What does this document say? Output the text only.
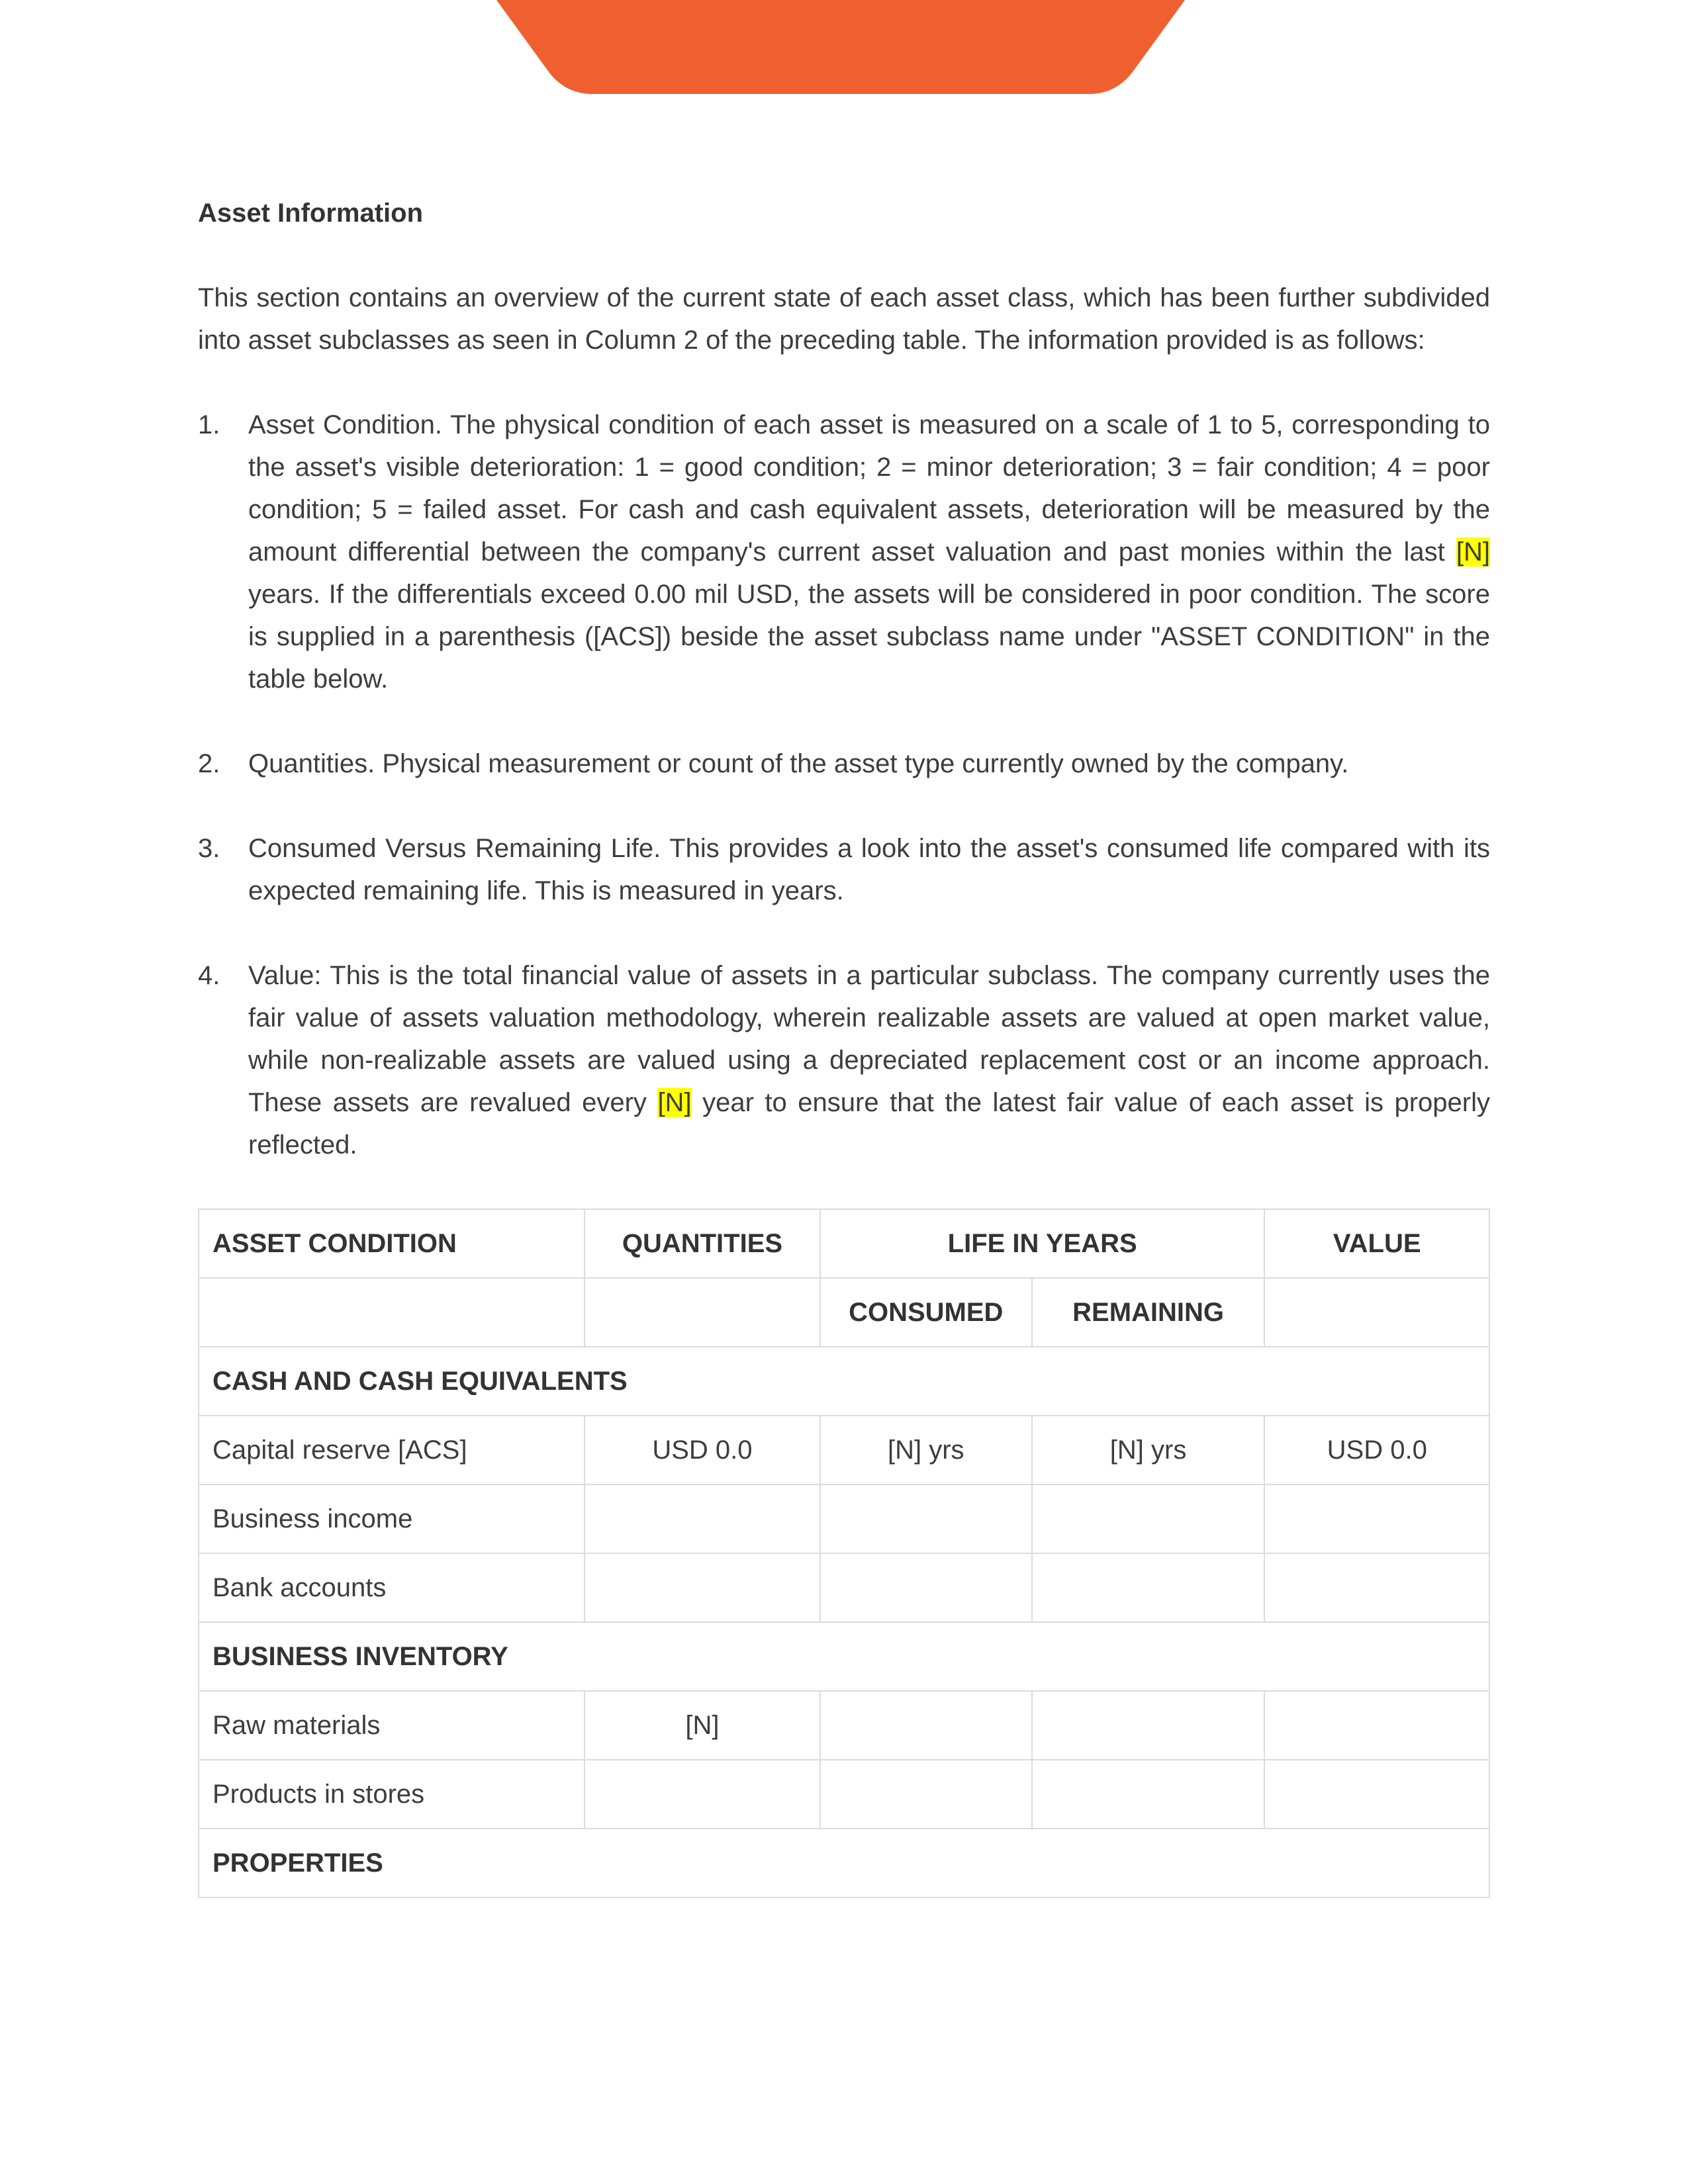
Asset Information

This section contains an overview of the current state of each asset class, which has been further subdivided into asset subclasses as seen in Column 2 of the preceding table. The information provided is as follows:

1. Asset Condition. The physical condition of each asset is measured on a scale of 1 to 5, corresponding to the asset's visible deterioration: 1 = good condition; 2 = minor deterioration; 3 = fair condition; 4 = poor condition; 5 = failed asset. For cash and cash equivalent assets, deterioration will be measured by the amount differential between the company's current asset valuation and past monies within the last [N] years. If the differentials exceed 0.00 mil USD, the assets will be considered in poor condition. The score is supplied in a parenthesis ([ACS]) beside the asset subclass name under "ASSET CONDITION" in the table below.
2. Quantities. Physical measurement or count of the asset type currently owned by the company.
3. Consumed Versus Remaining Life. This provides a look into the asset's consumed life compared with its expected remaining life. This is measured in years.
4. Value: This is the total financial value of assets in a particular subclass. The company currently uses the fair value of assets valuation methodology, wherein realizable assets are valued at open market value, while non-realizable assets are valued using a depreciated replacement cost or an income approach. These assets are revalued every [N] year to ensure that the latest fair value of each asset is properly reflected.
ASSET CONDITION	QUANTITIES	LIFE IN YEARS		VALUE
		CONSUMED	REMAINING	
CASH AND CASH EQUIVALENTS				
Capital reserve [ACS]	USD 0.0	[N] yrs	[N] yrs	USD 0.0
Business income				
Bank accounts				
BUSINESS INVENTORY				
Raw materials	[N]			
Products in stores				
PROPERTIES				
